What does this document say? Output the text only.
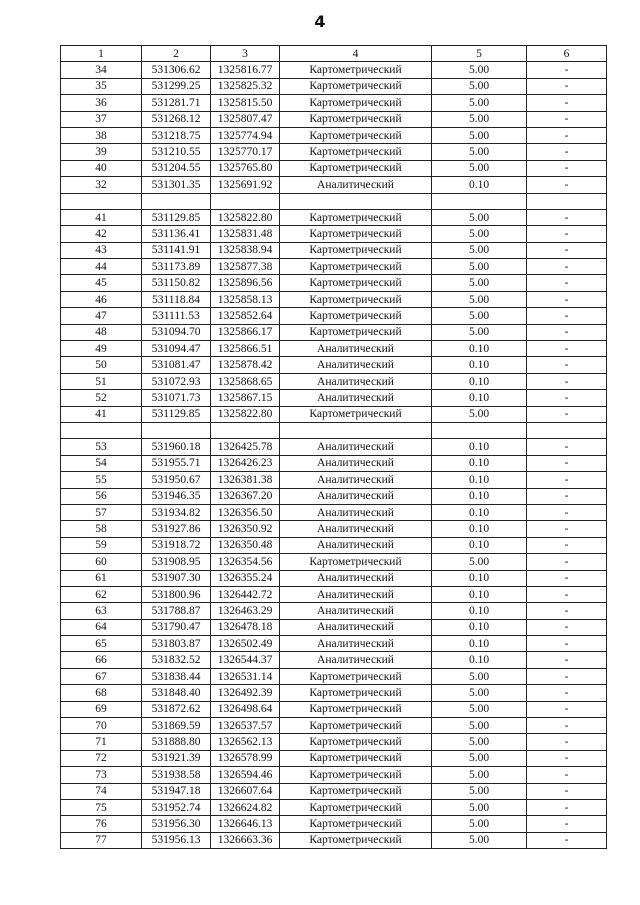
4
1	2	3	4	5	6
34	531306.62	1325816.77	Картометрический	5.00	-
35	531299.25	1325825.32	Картометрический	5.00	-
36	531281.71	1325815.50	Картометрический	5.00	-
37	531268.12	1325807.47	Картометрический	5.00	-
38	531218.75	1325774.94	Картометрический	5.00	-
39	531210.55	1325770.17	Картометрический	5.00	-
40	531204.55	1325765.80	Картометрический	5.00	-
32	531301.35	1325691.92	Аналитический	0.10	-

41	531129.85	1325822.80	Картометрический	5.00	-
42	531136.41	1325831.48	Картометрический	5.00	-
43	531141.91	1325838.94	Картометрический	5.00	-
44	531173.89	1325877.38	Картометрический	5.00	-
45	531150.82	1325896.56	Картометрический	5.00	-
46	531118.84	1325858.13	Картометрический	5.00	-
47	531111.53	1325852.64	Картометрический	5.00	-
48	531094.70	1325866.17	Картометрический	5.00	-
49	531094.47	1325866.51	Аналитический	0.10	-
50	531081.47	1325878.42	Аналитический	0.10	-
51	531072.93	1325868.65	Аналитический	0.10	-
52	531071.73	1325867.15	Аналитический	0.10	-
41	531129.85	1325822.80	Картометрический	5.00	-

53	531960.18	1326425.78	Аналитический	0.10	-
54	531955.71	1326426.23	Аналитический	0.10	-
55	531950.67	1326381.38	Аналитический	0.10	-
56	531946.35	1326367.20	Аналитический	0.10	-
57	531934.82	1326356.50	Аналитический	0.10	-
58	531927.86	1326350.92	Аналитический	0.10	-
59	531918.72	1326350.48	Аналитический	0.10	-
60	531908.95	1326354.56	Картометрический	5.00	-
61	531907.30	1326355.24	Аналитический	0.10	-
62	531800.96	1326442.72	Аналитический	0.10	-
63	531788.87	1326463.29	Аналитический	0.10	-
64	531790.47	1326478.18	Аналитический	0.10	-
65	531803.87	1326502.49	Аналитический	0.10	-
66	531832.52	1326544.37	Аналитический	0.10	-
67	531838.44	1326531.14	Картометрический	5.00	-
68	531848.40	1326492.39	Картометрический	5.00	-
69	531872.62	1326498.64	Картометрический	5.00	-
70	531869.59	1326537.57	Картометрический	5.00	-
71	531888.80	1326562.13	Картометрический	5.00	-
72	531921.39	1326578.99	Картометрический	5.00	-
73	531938.58	1326594.46	Картометрический	5.00	-
74	531947.18	1326607.64	Картометрический	5.00	-
75	531952.74	1326624.82	Картометрический	5.00	-
76	531956.30	1326646.13	Картометрический	5.00	-
77	531956.13	1326663.36	Картометрический	5.00	-
